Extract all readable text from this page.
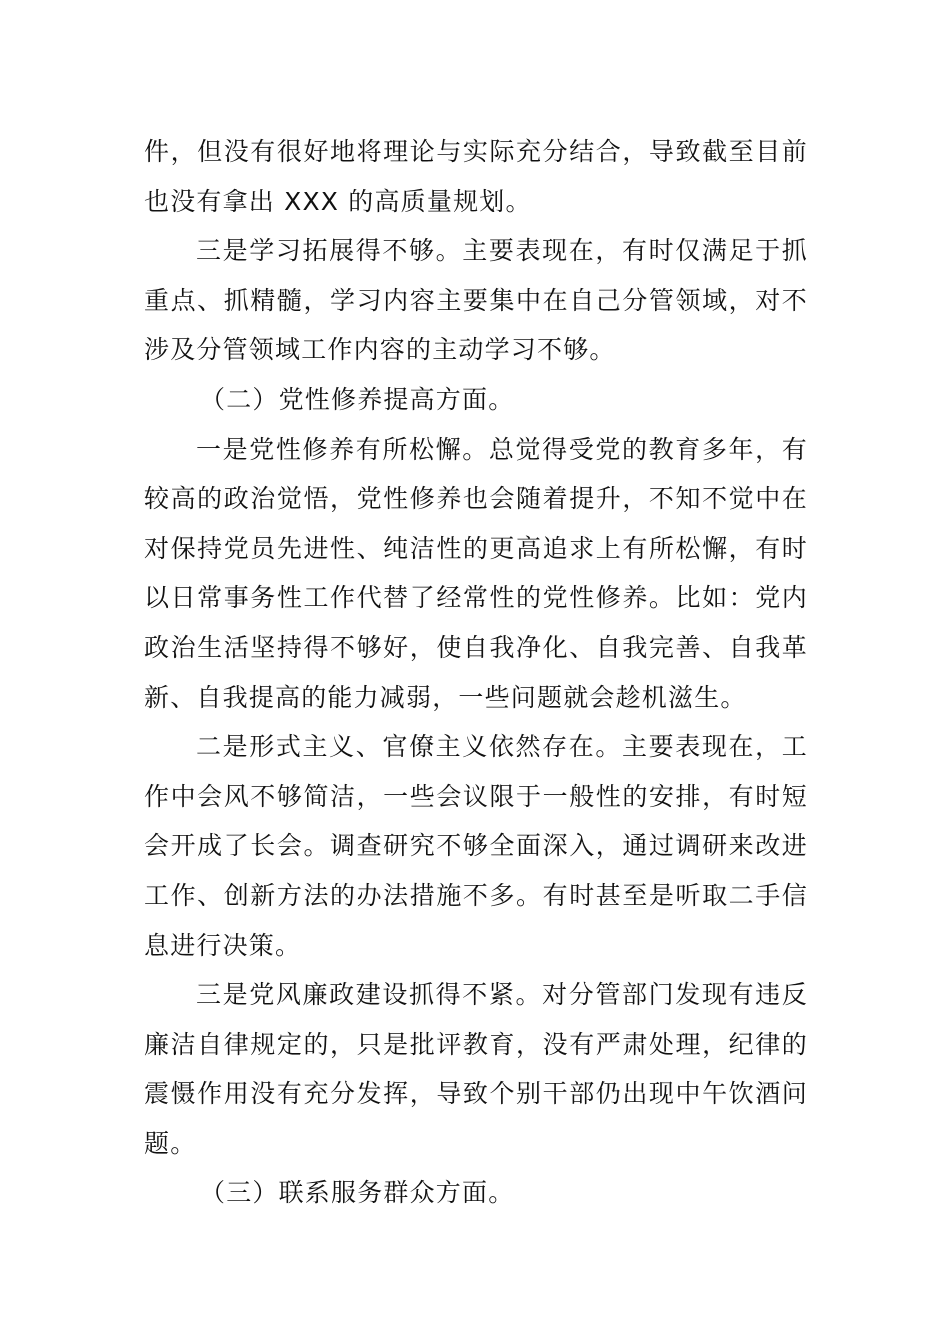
件，但没有很好地将理论与实际充分结合，导致截至目前
也没有拿出 XXX 的高质量规划。
三是学习拓展得不够。主要表现在，有时仅满足于抓
重点、抓精髓，学习内容主要集中在自己分管领域，对不
涉及分管领域工作内容的主动学习不够。
（二）党性修养提高方面。
一是党性修养有所松懈。总觉得受党的教育多年，有
较高的政治觉悟，党性修养也会随着提升，不知不觉中在
对保持党员先进性、纯洁性的更高追求上有所松懈，有时
以日常事务性工作代替了经常性的党性修养。比如：党内
政治生活坚持得不够好，使自我净化、自我完善、自我革
新、自我提高的能力减弱，一些问题就会趁机滋生。
二是形式主义、官僚主义依然存在。主要表现在，工
作中会风不够简洁，一些会议限于一般性的安排，有时短
会开成了长会。调查研究不够全面深入，通过调研来改进
工作、创新方法的办法措施不多。有时甚至是听取二手信
息进行决策。
三是党风廉政建设抓得不紧。对分管部门发现有违反
廉洁自律规定的，只是批评教育，没有严肃处理，纪律的
震慑作用没有充分发挥，导致个别干部仍出现中午饮酒问
题。
（三）联系服务群众方面。
